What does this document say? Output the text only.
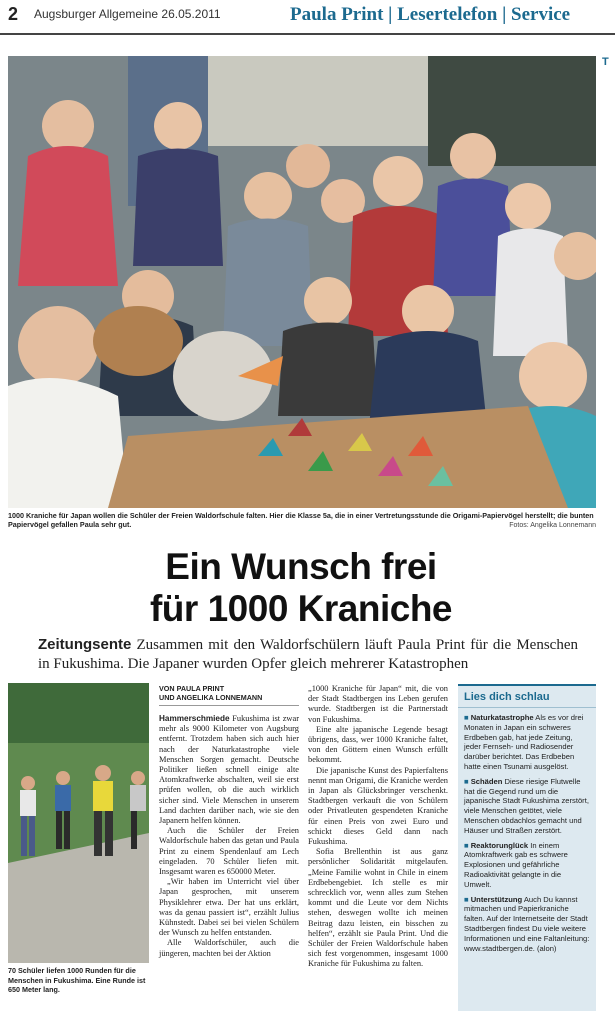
2 Augsburger Allgemeine 26.05.2011	Paula Print | Lesertelefon | Service
T
1000 Kraniche für Japan wollen die Schüler der Freien Waldorfschule falten. Hier die Klasse 5a, die in einer Vertretungsstunde die Origami-Papiervögel herstellt; die bunten Papiervögel gefallen Paula sehr gut.	Fotos: Angelika Lonnemann
Ein Wunsch frei
für 1000 Kraniche
Zeitungsente Zusammen mit den Waldorfschülern läuft Paula Print für die Menschen in Fukushima. Die Japaner wurden Opfer gleich mehrerer Katastrophen
70 Schüler liefen 1000 Runden für die Menschen in Fukushima. Eine Runde ist 650 Meter lang.
VON PAULA PRINT
UND ANGELIKA LONNEMANN

Hammerschmiede Fukushima ist zwar mehr als 9000 Kilometer von Augsburg entfernt. Trotzdem haben sich auch hier nach der Naturkatastrophe viele Menschen Sorgen gemacht. Deutsche Politiker ließen schnell einige alte Atomkraftwerke abschalten, weil sie erst prüfen wollen, ob die auch wirklich sicher sind. Viele Menschen in unserem Land dachten darüber nach, wie sie den Japanern helfen können.

Auch die Schüler der Freien Waldorfschule haben das getan und Paula Print zu einem Spendenlauf am Lech eingeladen. 70 Schüler liefen mit. Insgesamt waren es 650000 Meter.

„Wir haben im Unterricht viel über Japan gesprochen, mit unserem Physiklehrer etwa. Der hat uns erklärt, was da genau passiert ist“, erzählt Julius Kühnstedt. Dabei sei bei vielen Schülern der Wunsch zu helfen entstanden.

Alle Waldorfschüler, auch die jüngeren, machten bei der Aktion

„1000 Kraniche für Japan“ mit, die von der Stadt Stadtbergen ins Leben gerufen wurde. Stadtbergen ist die Partnerstadt von Fukushima.

Eine alte japanische Legende besagt übrigens, dass, wer 1000 Kraniche faltet, von den Göttern einen Wunsch erfüllt bekommt.

Die japanische Kunst des Papierfaltens nennt man Origami, die Kraniche werden in Japan als Glücksbringer verschenkt. Stadtbergen verkauft die von Schülern oder Privatleuten gespendeten Kraniche für einen Preis von zwei Euro und schickt dieses Geld dann nach Fukushima.

Sofia Brellenthin ist aus ganz persönlicher Solidarität mitgelaufen. „Meine Familie wohnt in Chile in einem Erdbebengebiet. Ich stelle es mir schrecklich vor, wenn alles zum Stehen kommt und die Leute vor dem Nichts stehen, deswegen wollte ich meinen Beitrag dazu leisten, ein bisschen zu helfen“, erzählt sie Paula Print. Und die Schüler der Freien Waldorfschule haben sich fest vorgenommen, insgesamt 1000 Kraniche für Fukushima zu falten.

Lies dich schlau
■ Naturkatastrophe Als es vor drei Monaten in Japan ein schweres Erdbeben gab, hat jede Zeitung, jeder Fernseh- und Radiosender darüber berichtet. Das Erdbeben hatte einen Tsunami ausgelöst.
■ Schäden Diese riesige Flutwelle hat die Gegend rund um die japanische Stadt Fukushima zerstört, viele Menschen getötet, viele Menschen obdachlos gemacht und Häuser und Straßen zerstört.
■ Reaktorunglück In einem Atomkraftwerk gab es schwere Explosionen und gefährliche Radioaktivität gelangte in die Umwelt.
■ Unterstützung Auch Du kannst mitmachen und Papierkraniche falten. Auf der Internetseite der Stadt Stadtbergen findest Du viele weitere Informationen und eine Faltanleitung: www.stadtbergen.de. (alon)
